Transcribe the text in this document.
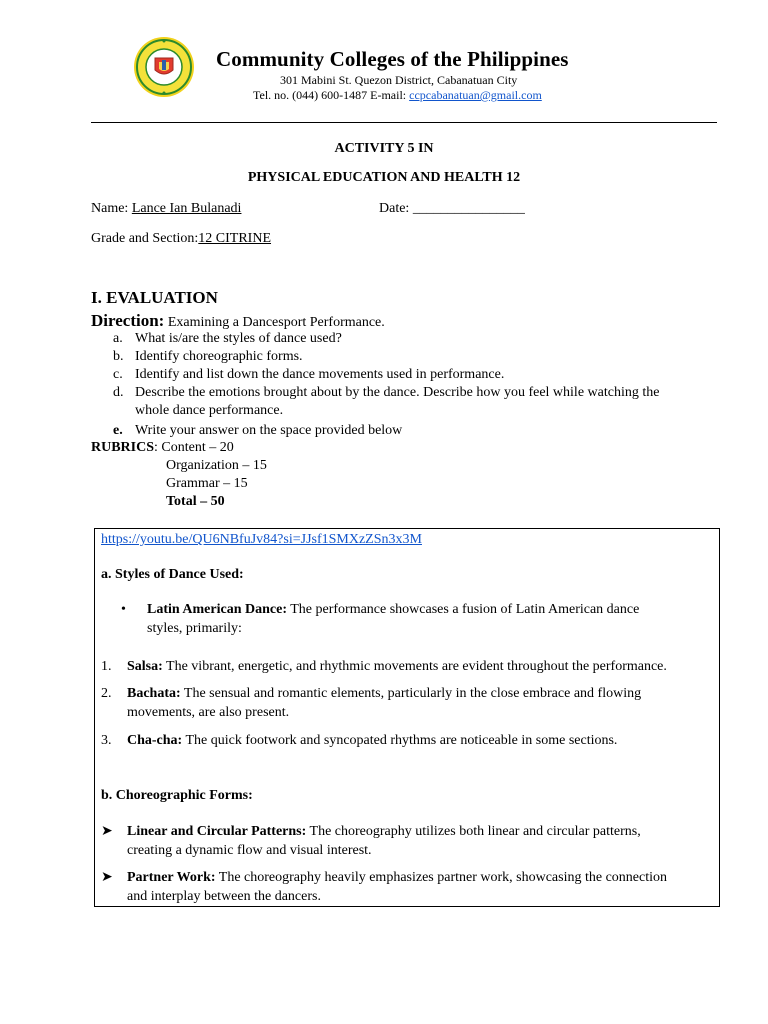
Community Colleges of the Philippines
301 Mabini St. Quezon District, Cabanatuan City
Tel. no. (044) 600-1487 E-mail: ccpcabanatuan@gmail.com
ACTIVITY 5 IN
PHYSICAL EDUCATION AND HEALTH 12
Name: Lance Ian Bulanadi	Date: ________________
Grade and Section:12 CITRINE
I. EVALUATION
Direction: Examining a Dancesport Performance.
a. What is/are the styles of dance used?
b. Identify choreographic forms.
c. Identify and list down the dance movements used in performance.
d. Describe the emotions brought about by the dance. Describe how you feel while watching the
whole dance performance.
e. Write your answer on the space provided below
RUBRICS: Content – 20
Organization – 15
Grammar – 15
Total – 50
https://youtu.be/QU6NBfuJv84?si=JJsf1SMXzZSn3x3M
a. Styles of Dance Used:
• Latin American Dance: The performance showcases a fusion of Latin American dance
styles, primarily:
1. Salsa: The vibrant, energetic, and rhythmic movements are evident throughout the performance.
2. Bachata: The sensual and romantic elements, particularly in the close embrace and flowing
movements, are also present.
3. Cha-cha: The quick footwork and syncopated rhythms are noticeable in some sections.
b. Choreographic Forms:
➤ Linear and Circular Patterns: The choreography utilizes both linear and circular patterns,
creating a dynamic flow and visual interest.
➤ Partner Work: The choreography heavily emphasizes partner work, showcasing the connection
and interplay between the dancers.
